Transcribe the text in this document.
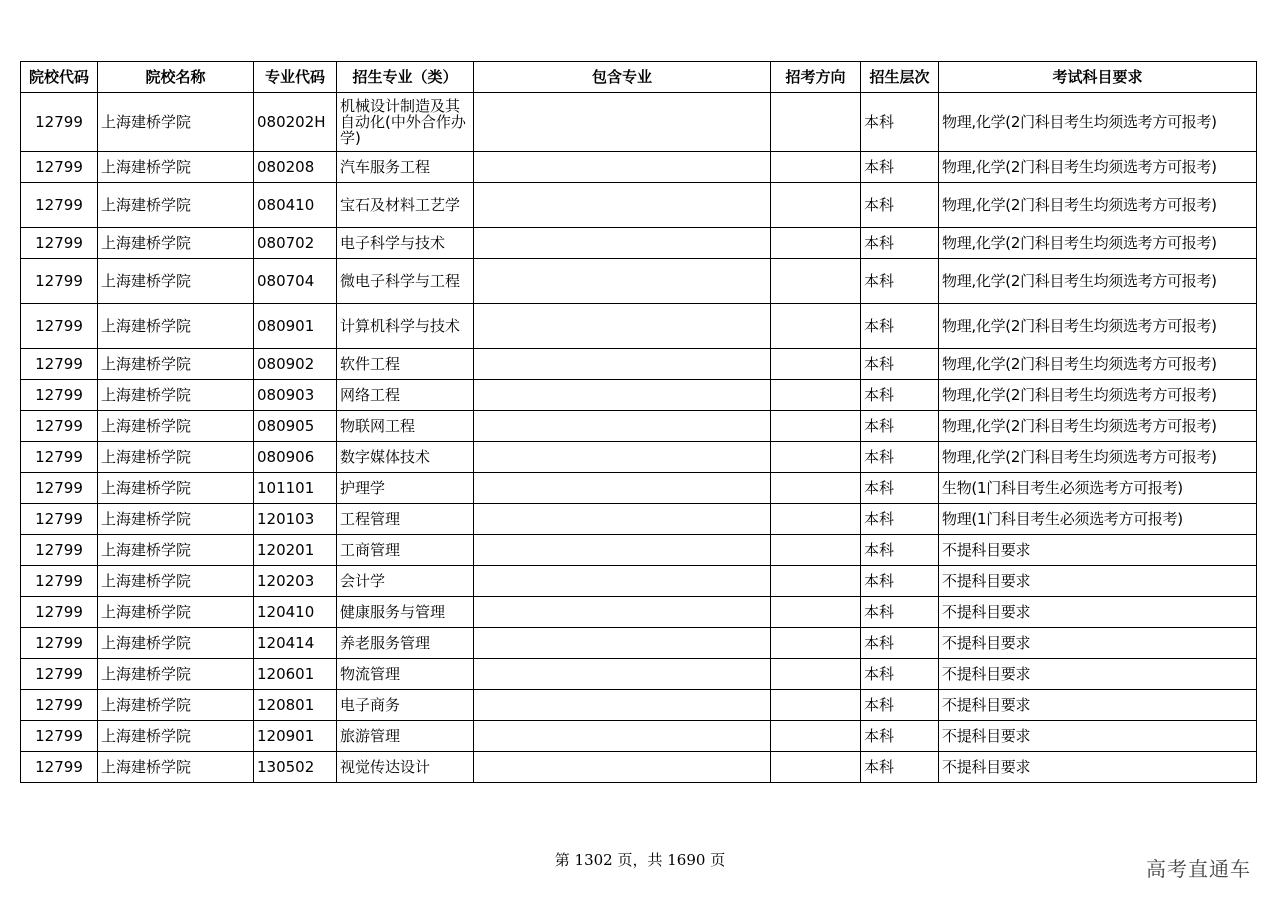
院校代码	院校名称	专业代码	招生专业（类）	包含专业	招考方向	招生层次	考试科目要求
12799	上海建桥学院	080202H	机械设计制造及其自动化(中外合作办学)			本科	物理,化学(2门科目考生均须选考方可报考)
12799	上海建桥学院	080208	汽车服务工程			本科	物理,化学(2门科目考生均须选考方可报考)
12799	上海建桥学院	080410	宝石及材料工艺学			本科	物理,化学(2门科目考生均须选考方可报考)
12799	上海建桥学院	080702	电子科学与技术			本科	物理,化学(2门科目考生均须选考方可报考)
12799	上海建桥学院	080704	微电子科学与工程			本科	物理,化学(2门科目考生均须选考方可报考)
12799	上海建桥学院	080901	计算机科学与技术			本科	物理,化学(2门科目考生均须选考方可报考)
12799	上海建桥学院	080902	软件工程			本科	物理,化学(2门科目考生均须选考方可报考)
12799	上海建桥学院	080903	网络工程			本科	物理,化学(2门科目考生均须选考方可报考)
12799	上海建桥学院	080905	物联网工程			本科	物理,化学(2门科目考生均须选考方可报考)
12799	上海建桥学院	080906	数字媒体技术			本科	物理,化学(2门科目考生均须选考方可报考)
12799	上海建桥学院	101101	护理学			本科	生物(1门科目考生必须选考方可报考)
12799	上海建桥学院	120103	工程管理			本科	物理(1门科目考生必须选考方可报考)
12799	上海建桥学院	120201	工商管理			本科	不提科目要求
12799	上海建桥学院	120203	会计学			本科	不提科目要求
12799	上海建桥学院	120410	健康服务与管理			本科	不提科目要求
12799	上海建桥学院	120414	养老服务管理			本科	不提科目要求
12799	上海建桥学院	120601	物流管理			本科	不提科目要求
12799	上海建桥学院	120801	电子商务			本科	不提科目要求
12799	上海建桥学院	120901	旅游管理			本科	不提科目要求
12799	上海建桥学院	130502	视觉传达设计			本科	不提科目要求
第 1302 页，共 1690 页	高考直通车
